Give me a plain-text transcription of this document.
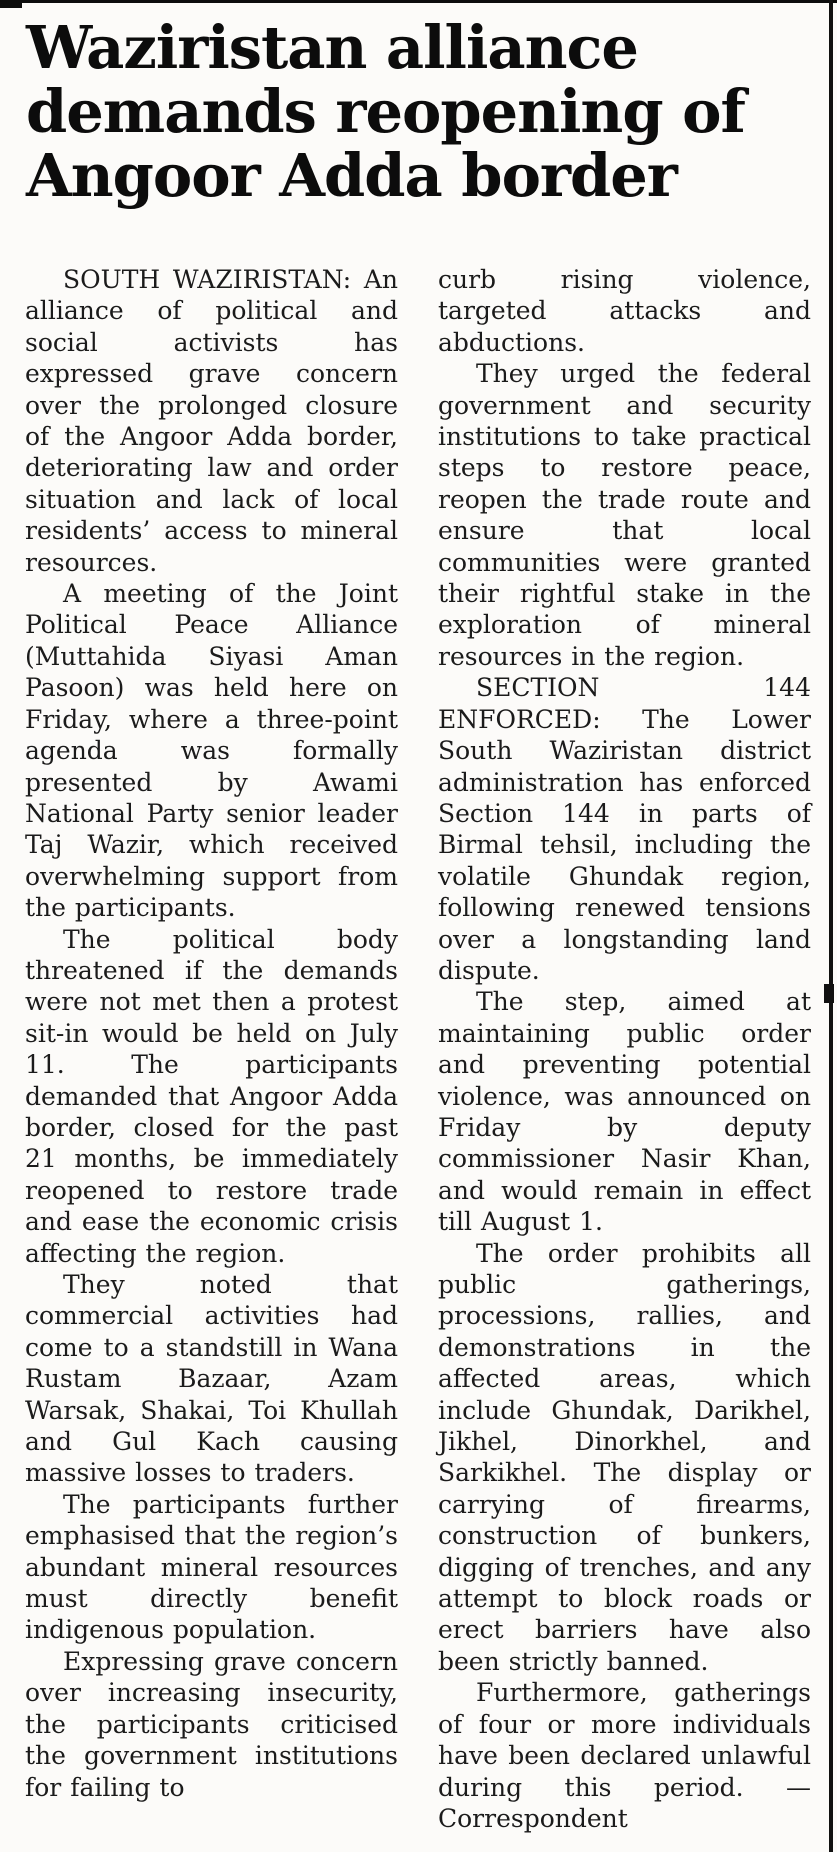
Waziristan alliance demands reopening of Angoor Adda border

SOUTH WAZIRISTAN: An alliance of political and social activists has expressed grave concern over the prolonged closure of the Angoor Adda border, deteriorating law and order situation and lack of local residents’ access to mineral resources.

A meeting of the Joint Political Peace Alliance (Muttahida Siyasi Aman Pasoon) was held here on Friday, where a three-point agenda was formally presented by Awami National Party senior leader Taj Wazir, which received overwhelming support from the participants.

The political body threatened if the demands were not met then a protest sit-in would be held on July 11. The participants demanded that Angoor Adda border, closed for the past 21 months, be immediately reopened to restore trade and ease the economic crisis affecting the region.

They noted that commercial activities had come to a standstill in Wana Rustam Bazaar, Azam Warsak, Shakai, Toi Khullah and Gul Kach causing massive losses to traders.

The participants further emphasised that the region’s abundant mineral resources must directly benefit indigenous population.

Expressing grave concern over increasing insecurity, the participants criticised the government institutions for failing to

curb rising violence, targeted attacks and abductions.

They urged the federal government and security institutions to take practical steps to restore peace, reopen the trade route and ensure that local communities were granted their rightful stake in the exploration of mineral resources in the region.

SECTION 144 ENFORCED: The Lower South Waziristan district administration has enforced Section 144 in parts of Birmal tehsil, including the volatile Ghundak region, following renewed tensions over a longstanding land dispute.

The step, aimed at maintaining public order and preventing potential violence, was announced on Friday by deputy commissioner Nasir Khan, and would remain in effect till August 1.

The order prohibits all public gatherings, processions, rallies, and demonstrations in the affected areas, which include Ghundak, Darikhel, Jikhel, Dinorkhel, and Sarkikhel. The display or carrying of firearms, construction of bunkers, digging of trenches, and any attempt to block roads or erect barriers have also been strictly banned.

Furthermore, gatherings of four or more individuals have been declared unlawful during this period. — Correspondent
